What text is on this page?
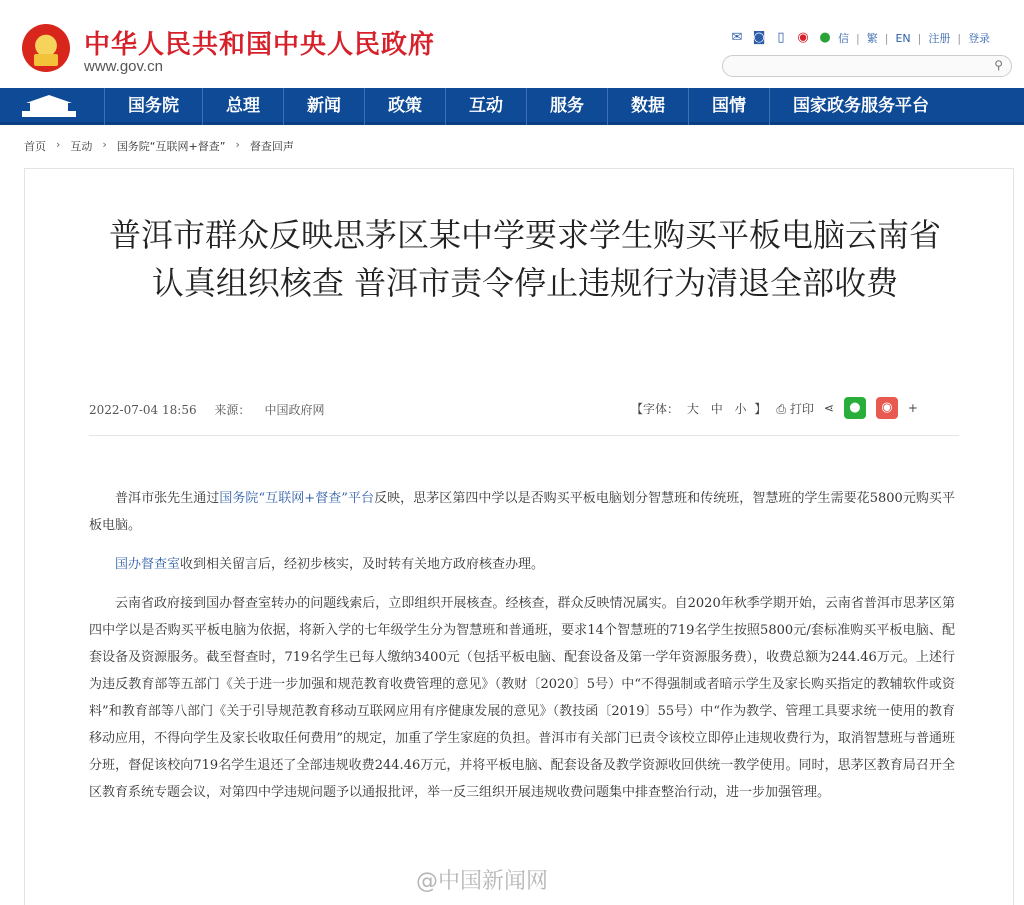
中华人民共和国中央人民政府
www.gov.cn
✉ ◙ ▯ ◉ ● 信 | 繁 | EN | 注册 | 登录
⚲
国务院	总理	新闻	政策	互动	服务	数据	国情	国家政务服务平台
首页 › 互动 › 国务院“互联网+督查” › 督查回声
普洱市群众反映思茅区某中学要求学生购买平板电脑云南省认真组织核查 普洱市责令停止违规行为清退全部收费
2022-07-04 18:56 来源： 中国政府网	【字体： 大 中 小 】 ⎙ 打印 ⋖	●	◉	+

普洱市张先生通过国务院“互联网+督查”平台反映，思茅区第四中学以是否购买平板电脑划分智慧班和传统班，智慧班的学生需要花5800元购买平板电脑。

国办督查室收到相关留言后，经初步核实，及时转有关地方政府核查办理。

云南省政府接到国办督查室转办的问题线索后，立即组织开展核查。经核查，群众反映情况属实。自2020年秋季学期开始，云南省普洱市思茅区第四中学以是否购买平板电脑为依据，将新入学的七年级学生分为智慧班和普通班，要求14个智慧班的719名学生按照5800元/套标准购买平板电脑、配套设备及资源服务。截至督查时，719名学生已每人缴纳3400元（包括平板电脑、配套设备及第一学年资源服务费），收费总额为244.46万元。上述行为违反教育部等五部门《关于进一步加强和规范教育收费管理的意见》（教财〔2020〕5号）中“不得强制或者暗示学生及家长购买指定的教辅软件或资料”和教育部等八部门《关于引导规范教育移动互联网应用有序健康发展的意见》（教技函〔2019〕55号）中“作为教学、管理工具要求统一使用的教育移动应用，不得向学生及家长收取任何费用”的规定，加重了学生家庭的负担。普洱市有关部门已责令该校立即停止违规收费行为，取消智慧班与普通班分班，督促该校向719名学生退还了全部违规收费244.46万元，并将平板电脑、配套设备及教学资源收回供统一教学使用。同时，思茅区教育局召开全区教育系统专题会议，对第四中学违规问题予以通报批评，举一反三组织开展违规收费问题集中排查整治行动，进一步加强管理。

@中国新闻网
